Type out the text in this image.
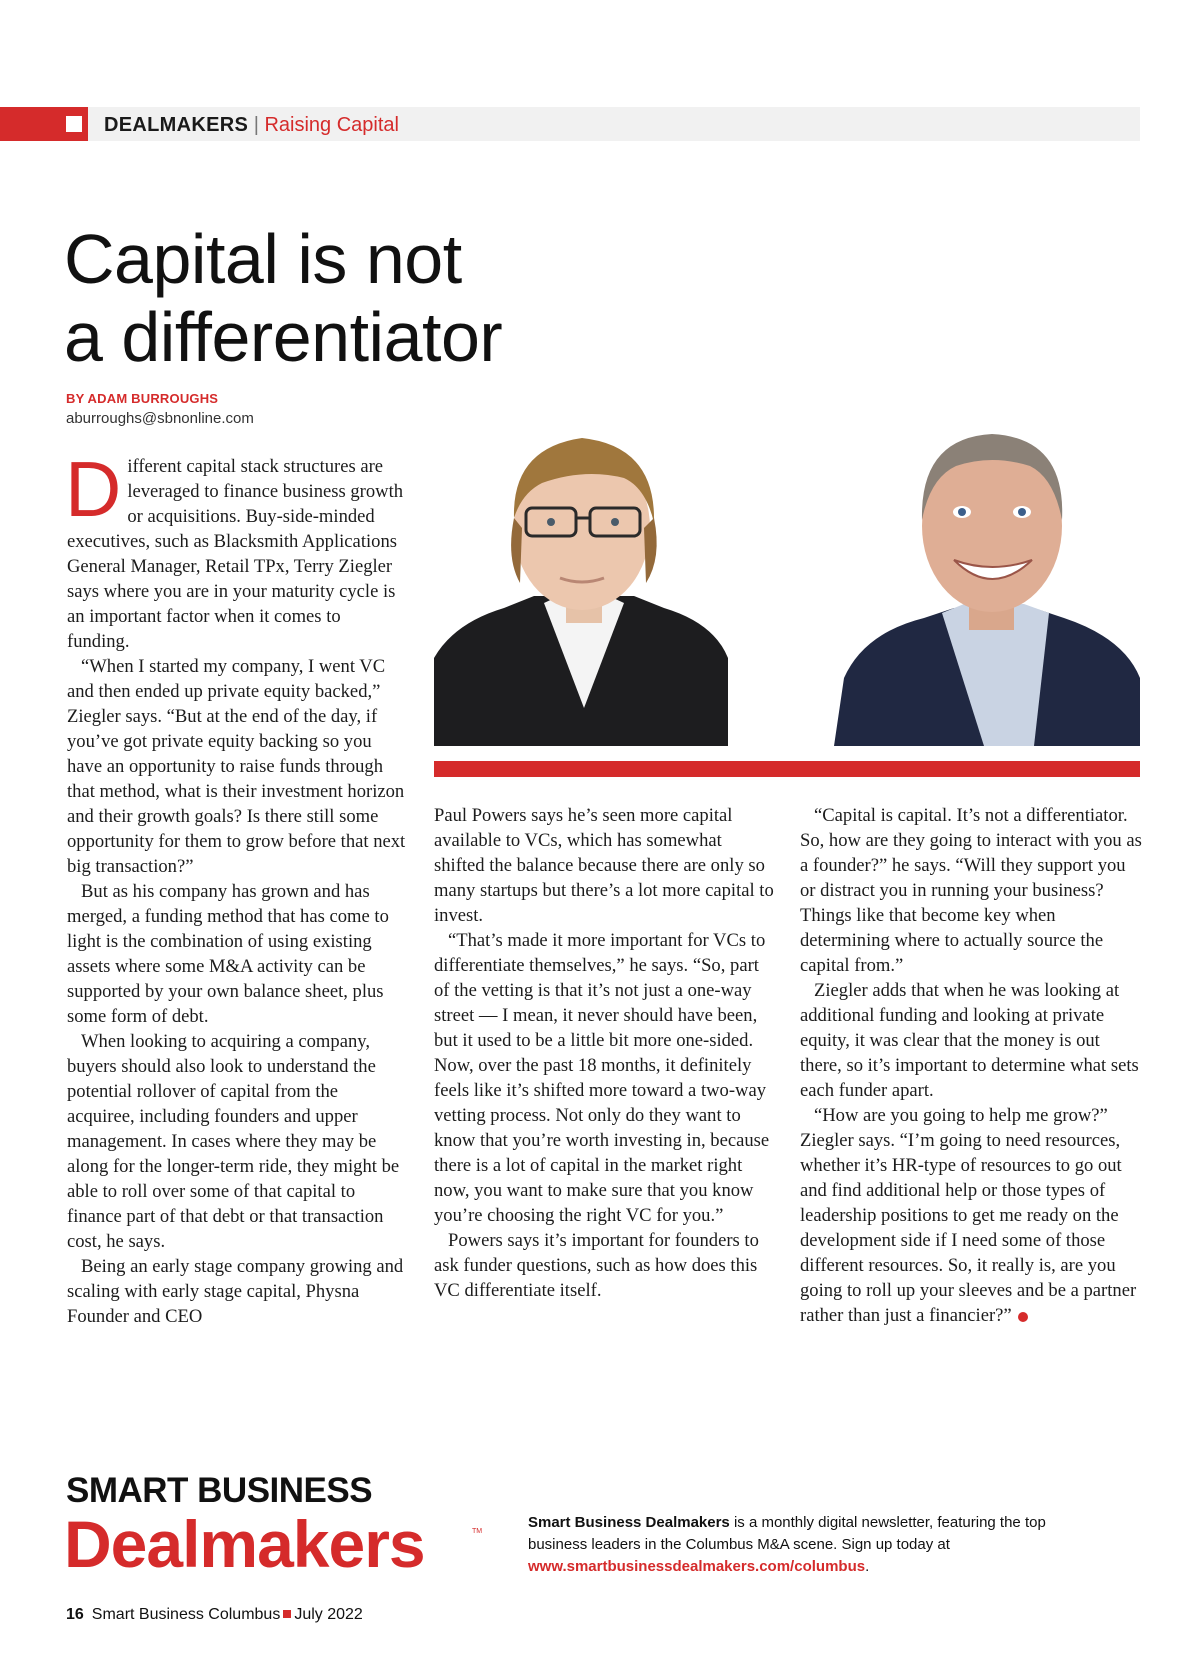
DEALMAKERS | Raising Capital
Capital is not
a differentiator
BY ADAM BURROUGHS
aburroughs@sbnonline.com

Different capital stack structures are leveraged to finance business growth or acquisitions. Buy-side-minded executives, such as Blacksmith Applications General Manager, Retail TPx, Terry Ziegler says where you are in your maturity cycle is an important factor when it comes to funding.

“When I started my company, I went VC and then ended up private equity backed,” Ziegler says. “But at the end of the day, if you’ve got private equity backing so you have an opportunity to raise funds through that method, what is their investment horizon and their growth goals? Is there still some opportunity for them to grow before that next big transaction?”

But as his company has grown and has merged, a funding method that has come to light is the combination of using existing assets where some M&A activity can be supported by your own balance sheet, plus some form of debt.

When looking to acquiring a company, buyers should also look to understand the potential rollover of capital from the acquiree, including founders and upper management. In cases where they may be along for the longer-term ride, they might be able to roll over some of that capital to finance part of that debt or that transaction cost, he says.

Being an early stage company growing and scaling with early stage capital, Physna Founder and CEO

Paul Powers says he’s seen more capital available to VCs, which has somewhat shifted the balance because there are only so many startups but there’s a lot more capital to invest.

“That’s made it more important for VCs to differentiate themselves,” he says. “So, part of the vetting is that it’s not just a one-way street — I mean, it never should have been, but it used to be a little bit more one-sided. Now, over the past 18 months, it definitely feels like it’s shifted more toward a two-way vetting process. Not only do they want to know that you’re worth investing in, because there is a lot of capital in the market right now, you want to make sure that you know you’re choosing the right VC for you.”

Powers says it’s important for founders to ask funder questions, such as how does this VC differentiate itself.

“Capital is capital. It’s not a differentiator. So, how are they going to interact with you as a founder?” he says. “Will they support you or distract you in running your business? Things like that become key when determining where to actually source the capital from.”

Ziegler adds that when he was looking at additional funding and looking at private equity, it was clear that the money is out there, so it’s important to determine what sets each funder apart.

“How are you going to help me grow?” Ziegler says. “I’m going to need resources, whether it’s HR-type of resources to go out and find additional help or those types of leadership positions to get me ready on the development side if I need some of those different resources. So, it really is, are you going to roll up your sleeves and be a partner rather than just a financier?”

SMART BUSINESS
Dealmakers	TM
Smart Business Dealmakers is a monthly digital newsletter, featuring the top business leaders in the Columbus M&A scene. Sign up today at www.smartbusinessdealmakers.com/columbus.
16 Smart Business Columbus July 2022
